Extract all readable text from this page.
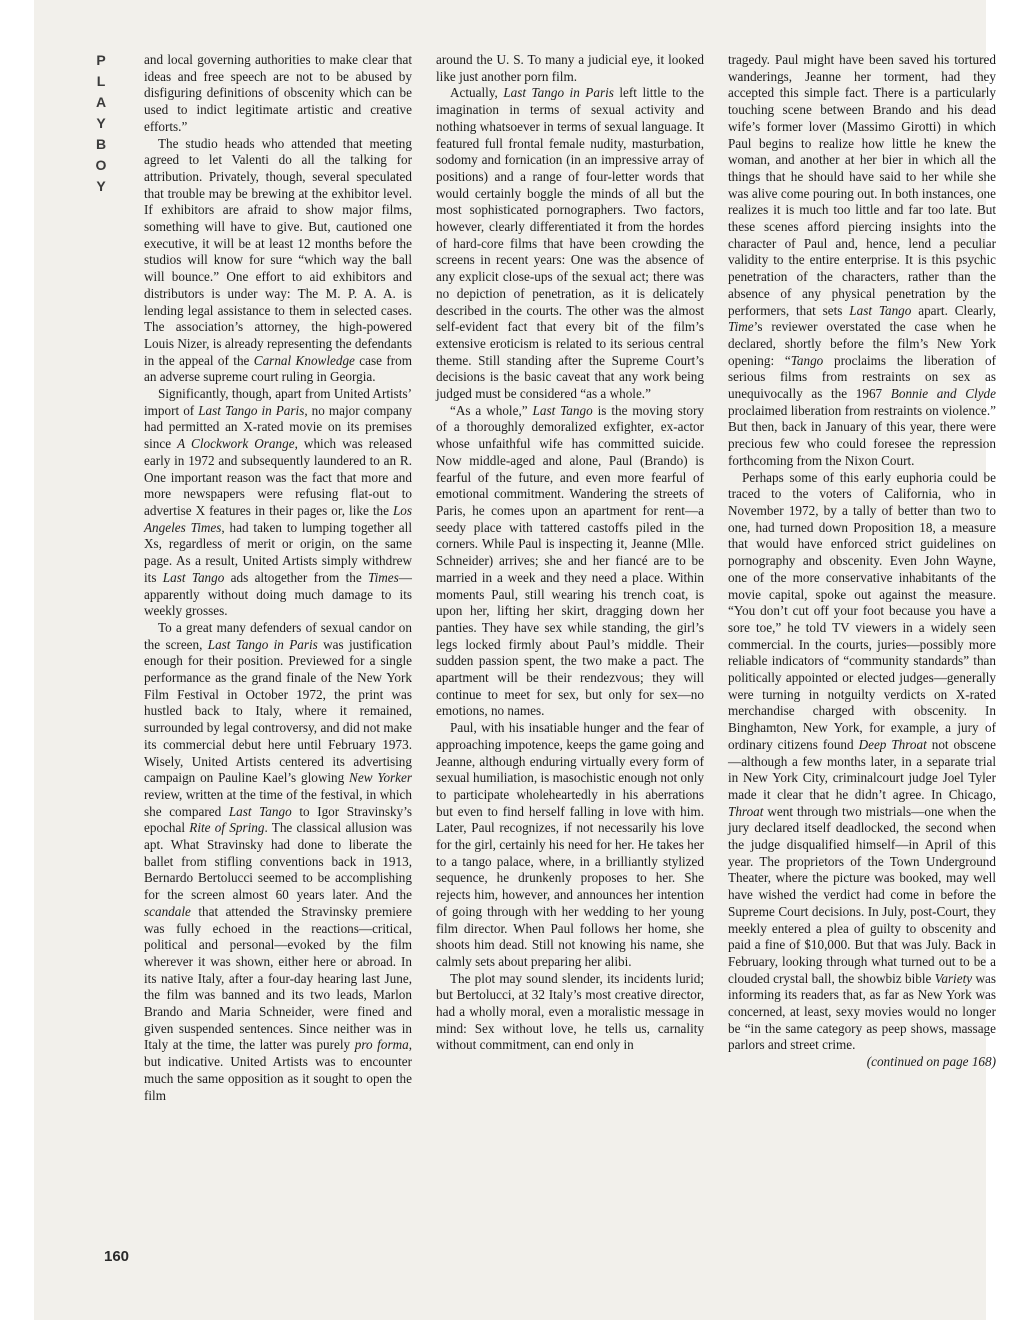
P
L
A
Y
B
O
Y

and local governing authorities to make clear that ideas and free speech are not to be abused by disfiguring definitions of obscenity which can be used to indict legitimate artistic and creative efforts.”

The studio heads who attended that meeting agreed to let Valenti do all the talking for attribution. Privately, though, several speculated that trouble may be brewing at the exhibitor level. If exhibitors are afraid to show major films, something will have to give. But, cautioned one executive, it will be at least 12 months before the studios will know for sure “which way the ball will bounce.” One effort to aid exhibitors and distributors is under way: The M. P. A. A. is lending legal assistance to them in selected cases. The association’s attorney, the high-powered Louis Nizer, is already representing the defendants in the appeal of the Carnal Knowledge case from an adverse supreme court ruling in Georgia.

Significantly, though, apart from United Artists’ import of Last Tango in Paris, no major company had permitted an X-rated movie on its premises since A Clockwork Orange, which was released early in 1972 and subsequently laundered to an R. One important reason was the fact that more and more newspapers were refusing flat-out to advertise X features in their pages or, like the Los Angeles Times, had taken to lumping together all Xs, regardless of merit or origin, on the same page. As a result, United Artists simply withdrew its Last Tango ads altogether from the Times—apparently without doing much damage to its weekly grosses.

To a great many defenders of sexual candor on the screen, Last Tango in Paris was justification enough for their position. Previewed for a single performance as the grand finale of the New York Film Festival in October 1972, the print was hustled back to Italy, where it remained, surrounded by legal controversy, and did not make its commercial debut here until February 1973. Wisely, United Artists centered its advertising campaign on Pauline Kael’s glowing New Yorker review, written at the time of the festival, in which she compared Last Tango to Igor Stravinsky’s epochal Rite of Spring. The classical allusion was apt. What Stravinsky had done to liberate the ballet from stifling conventions back in 1913, Bernardo Bertolucci seemed to be accomplishing for the screen almost 60 years later. And the scandale that attended the Stravinsky premiere was fully echoed in the reactions—critical, political and personal—evoked by the film wherever it was shown, either here or abroad. In its native Italy, after a four-day hearing last June, the film was banned and its two leads, Marlon Brando and Maria Schneider, were fined and given suspended sentences. Since neither was in Italy at the time, the latter was purely pro forma, but indicative. United Artists was to encounter much the same opposition as it sought to open the film

around the U. S. To many a judicial eye, it looked like just another porn film.

Actually, Last Tango in Paris left little to the imagination in terms of sexual activity and nothing whatsoever in terms of sexual language. It featured full frontal female nudity, masturbation, sodomy and fornication (in an impressive array of positions) and a range of four-letter words that would certainly boggle the minds of all but the most sophisticated pornographers. Two factors, however, clearly differentiated it from the hordes of hard-core films that have been crowding the screens in recent years: One was the absence of any explicit close-ups of the sexual act; there was no depiction of penetration, as it is delicately described in the courts. The other was the almost self-evident fact that every bit of the film’s extensive eroticism is related to its serious central theme. Still standing after the Supreme Court’s decisions is the basic caveat that any work being judged must be considered “as a whole.”

“As a whole,” Last Tango is the moving story of a thoroughly demoralized exfighter, ex-actor whose unfaithful wife has committed suicide. Now middle-aged and alone, Paul (Brando) is fearful of the future, and even more fearful of emotional commitment. Wandering the streets of Paris, he comes upon an apartment for rent—a seedy place with tattered castoffs piled in the corners. While Paul is inspecting it, Jeanne (Mlle. Schneider) arrives; she and her fiancé are to be married in a week and they need a place. Within moments Paul, still wearing his trench coat, is upon her, lifting her skirt, dragging down her panties. They have sex while standing, the girl’s legs locked firmly about Paul’s middle. Their sudden passion spent, the two make a pact. The apartment will be their rendezvous; they will continue to meet for sex, but only for sex—no emotions, no names.

Paul, with his insatiable hunger and the fear of approaching impotence, keeps the game going and Jeanne, although enduring virtually every form of sexual humiliation, is masochistic enough not only to participate wholeheartedly in his aberrations but even to find herself falling in love with him. Later, Paul recognizes, if not necessarily his love for the girl, certainly his need for her. He takes her to a tango palace, where, in a brilliantly stylized sequence, he drunkenly proposes to her. She rejects him, however, and announces her intention of going through with her wedding to her young film director. When Paul follows her home, she shoots him dead. Still not knowing his name, she calmly sets about preparing her alibi.

The plot may sound slender, its incidents lurid; but Bertolucci, at 32 Italy’s most creative director, had a wholly moral, even a moralistic message in mind: Sex without love, he tells us, carnality without commitment, can end only in

tragedy. Paul might have been saved his tortured wanderings, Jeanne her torment, had they accepted this simple fact. There is a particularly touching scene between Brando and his dead wife’s former lover (Massimo Girotti) in which Paul begins to realize how little he knew the woman, and another at her bier in which all the things that he should have said to her while she was alive come pouring out. In both instances, one realizes it is much too little and far too late. But these scenes afford piercing insights into the character of Paul and, hence, lend a peculiar validity to the entire enterprise. It is this psychic penetration of the characters, rather than the absence of any physical penetration by the performers, that sets Last Tango apart. Clearly, Time’s reviewer overstated the case when he declared, shortly before the film’s New York opening: “Tango proclaims the liberation of serious films from restraints on sex as unequivocally as the 1967 Bonnie and Clyde proclaimed liberation from restraints on violence.” But then, back in January of this year, there were precious few who could foresee the repression forthcoming from the Nixon Court.

Perhaps some of this early euphoria could be traced to the voters of California, who in November 1972, by a tally of better than two to one, had turned down Proposition 18, a measure that would have enforced strict guidelines on pornography and obscenity. Even John Wayne, one of the more conservative inhabitants of the movie capital, spoke out against the measure. “You don’t cut off your foot because you have a sore toe,” he told TV viewers in a widely seen commercial. In the courts, juries—possibly more reliable indicators of “community standards” than politically appointed or elected judges—generally were turning in notguilty verdicts on X-rated merchandise charged with obscenity. In Binghamton, New York, for example, a jury of ordinary citizens found Deep Throat not obscene—although a few months later, in a separate trial in New York City, criminalcourt judge Joel Tyler made it clear that he didn’t agree. In Chicago, Throat went through two mistrials—one when the jury declared itself deadlocked, the second when the judge disqualified himself—in April of this year. The proprietors of the Town Underground Theater, where the picture was booked, may well have wished the verdict had come in before the Supreme Court decisions. In July, post-Court, they meekly entered a plea of guilty to obscenity and paid a fine of $10,000. But that was July. Back in February, looking through what turned out to be a clouded crystal ball, the showbiz bible Variety was informing its readers that, as far as New York was concerned, at least, sexy movies would no longer be “in the same category as peep shows, massage parlors and street crime.

(continued on page 168)

160
